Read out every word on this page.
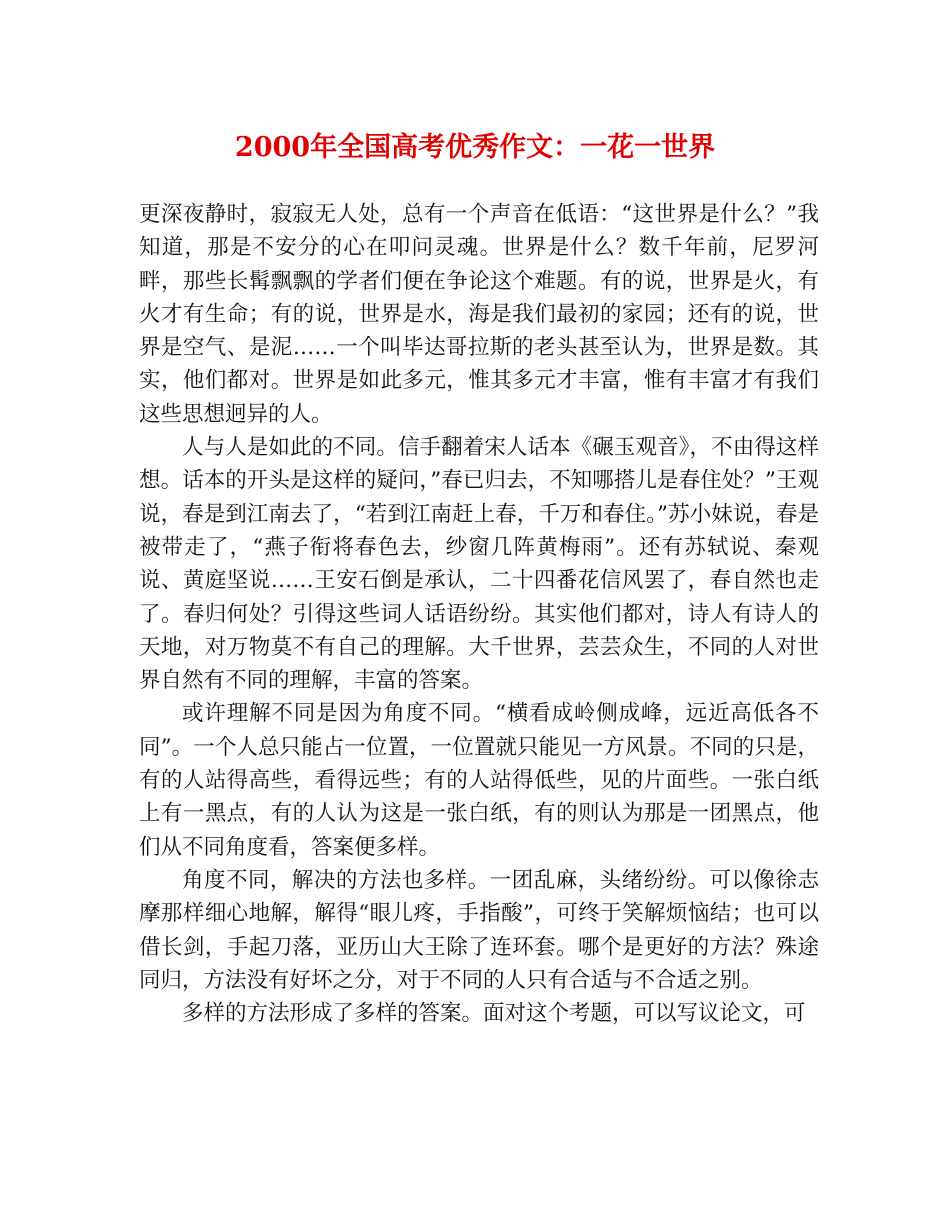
2000年全国高考优秀作文：一花一世界

更深夜静时，寂寂无人处，总有一个声音在低语：“这世界是什么？”我知道，那是不安分的心在叩问灵魂。世界是什么？数千年前，尼罗河畔，那些长髯飘飘的学者们便在争论这个难题。有的说，世界是火，有火才有生命；有的说，世界是水，海是我们最初的家园；还有的说，世界是空气、是泥……一个叫毕达哥拉斯的老头甚至认为，世界是数。其实，他们都对。世界是如此多元，惟其多元才丰富，惟有丰富才有我们这些思想迥异的人。

人与人是如此的不同。信手翻着宋人话本《碾玉观音》，不由得这样想。话本的开头是这样的疑问，”春已归去，不知哪搭儿是春住处？”王观说，春是到江南去了，“若到江南赶上春，千万和春住。”苏小妹说，春是被带走了，“燕子衔将春色去，纱窗几阵黄梅雨”。还有苏轼说、秦观说、黄庭坚说……王安石倒是承认，二十四番花信风罢了，春自然也走了。春归何处？引得这些词人话语纷纷。其实他们都对，诗人有诗人的天地，对万物莫不有自己的理解。大千世界，芸芸众生，不同的人对世界自然有不同的理解，丰富的答案。

或许理解不同是因为角度不同。“横看成岭侧成峰，远近高低各不同”。一个人总只能占一位置，一位置就只能见一方风景。不同的只是，有的人站得高些，看得远些；有的人站得低些，见的片面些。一张白纸上有一黑点，有的人认为这是一张白纸，有的则认为那是一团黑点，他们从不同角度看，答案便多样。

角度不同，解决的方法也多样。一团乱麻，头绪纷纷。可以像徐志摩那样细心地解，解得“眼儿疼，手指酸”，可终于笑解烦恼结；也可以借长剑，手起刀落，亚历山大王除了连环套。哪个是更好的方法？殊途同归，方法没有好坏之分，对于不同的人只有合适与不合适之别。

多样的方法形成了多样的答案。面对这个考题，可以写议论文，可
